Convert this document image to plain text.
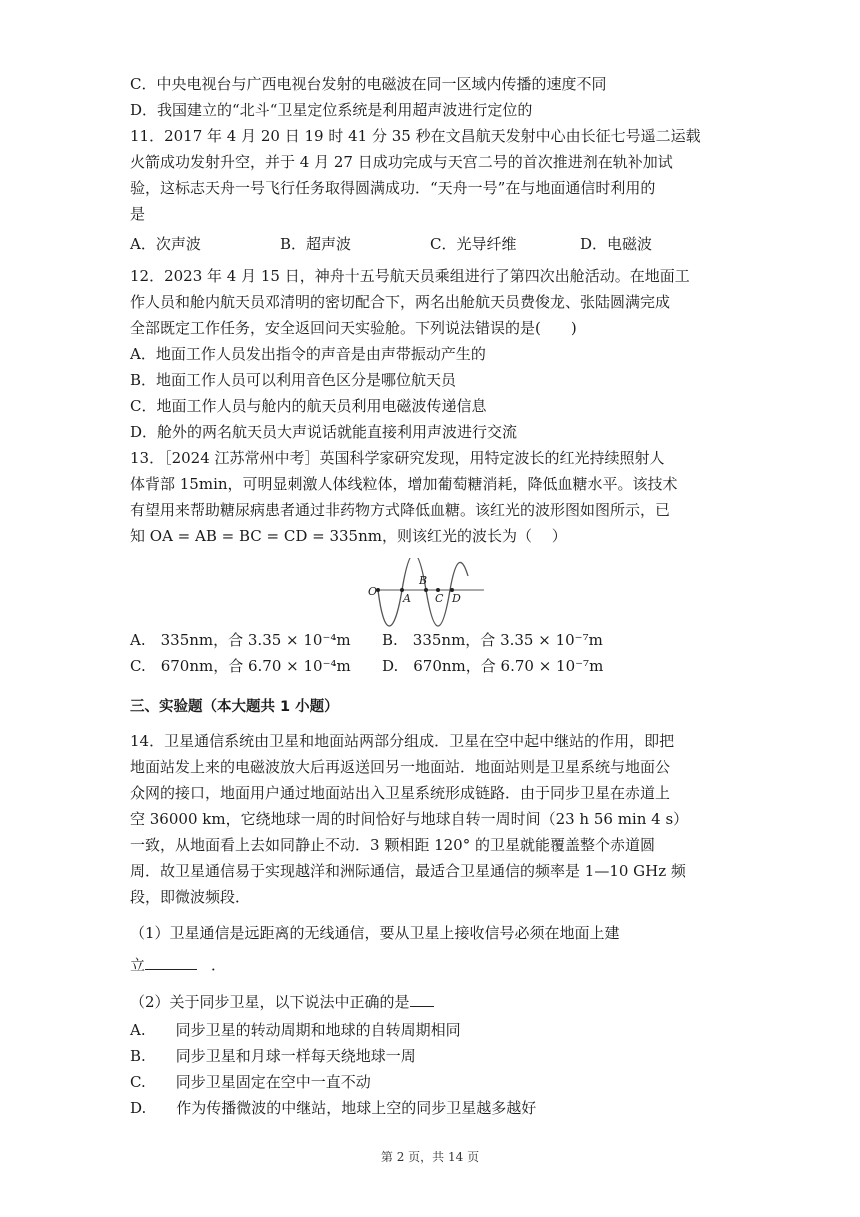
C．中央电视台与广西电视台发射的电磁波在同一区域内传播的速度不同
D．我国建立的“北斗“卫星定位系统是利用超声波进行定位的
11．2017 年 4 月 20 日 19 时 41 分 35 秒在文昌航天发射中心由长征七号遥二运载
火箭成功发射升空，并于 4 月 27 日成功完成与天宫二号的首次推进剂在轨补加试
验，这标志天舟一号飞行任务取得圆满成功．“天舟一号”在与地面通信时利用的
是
A．次声波	B．超声波	C．光导纤维	D．电磁波
12．2023 年 4 月 15 日，神舟十五号航天员乘组进行了第四次出舱活动。在地面工
作人员和舱内航天员邓清明的密切配合下，两名出舱航天员费俊龙、张陆圆满完成
全部既定工作任务，安全返回问天实验舱。下列说法错误的是(　　)
A．地面工作人员发出指令的声音是由声带振动产生的
B．地面工作人员可以利用音色区分是哪位航天员
C．地面工作人员与舱内的航天员利用电磁波传递信息
D．舱外的两名航天员大声说话就能直接利用声波进行交流
13．［2024 江苏常州中考］英国科学家研究发现，用特定波长的红光持续照射人
体背部 15min，可明显刺激人体线粒体，增加葡萄糖消耗，降低血糖水平。该技术
有望用来帮助糖尿病患者通过非药物方式降低血糖。该红光的波形图如图所示，已
知 OA = AB = BC = CD = 335nm，则该红光的波长为（　 ）
O
A
B
C D
A.　335nm，合 3.35 × 10⁻⁴m B.　335nm，合 3.35 × 10⁻⁷m
C.　670nm，合 6.70 × 10⁻⁴m D.　670nm，合 6.70 × 10⁻⁷m
三、实验题（本大题共 1 小题）
14．卫星通信系统由卫星和地面站两部分组成．卫星在空中起中继站的作用，即把
地面站发上来的电磁波放大后再返送回另一地面站．地面站则是卫星系统与地面公
众网的接口，地面用户通过地面站出入卫星系统形成链路．由于同步卫星在赤道上
空 36000 km，它绕地球一周的时间恰好与地球自转一周时间（23 h 56 min 4 s）
一致，从地面看上去如同静止不动．3 颗相距 120° 的卫星就能覆盖整个赤道圆
周．故卫星通信易于实现越洋和洲际通信，最适合卫星通信的频率是 1—10 GHz 频
段，即微波频段．
（1）卫星通信是远距离的无线通信，要从卫星上接收信号必须在地面上建
立	．
（2）关于同步卫星，以下说法中正确的是
A.　　同步卫星的转动周期和地球的自转周期相同
B.　　同步卫星和月球一样每天绕地球一周
C.　　同步卫星固定在空中一直不动
D.　　作为传播微波的中继站，地球上空的同步卫星越多越好
第 2 页，共 14 页
